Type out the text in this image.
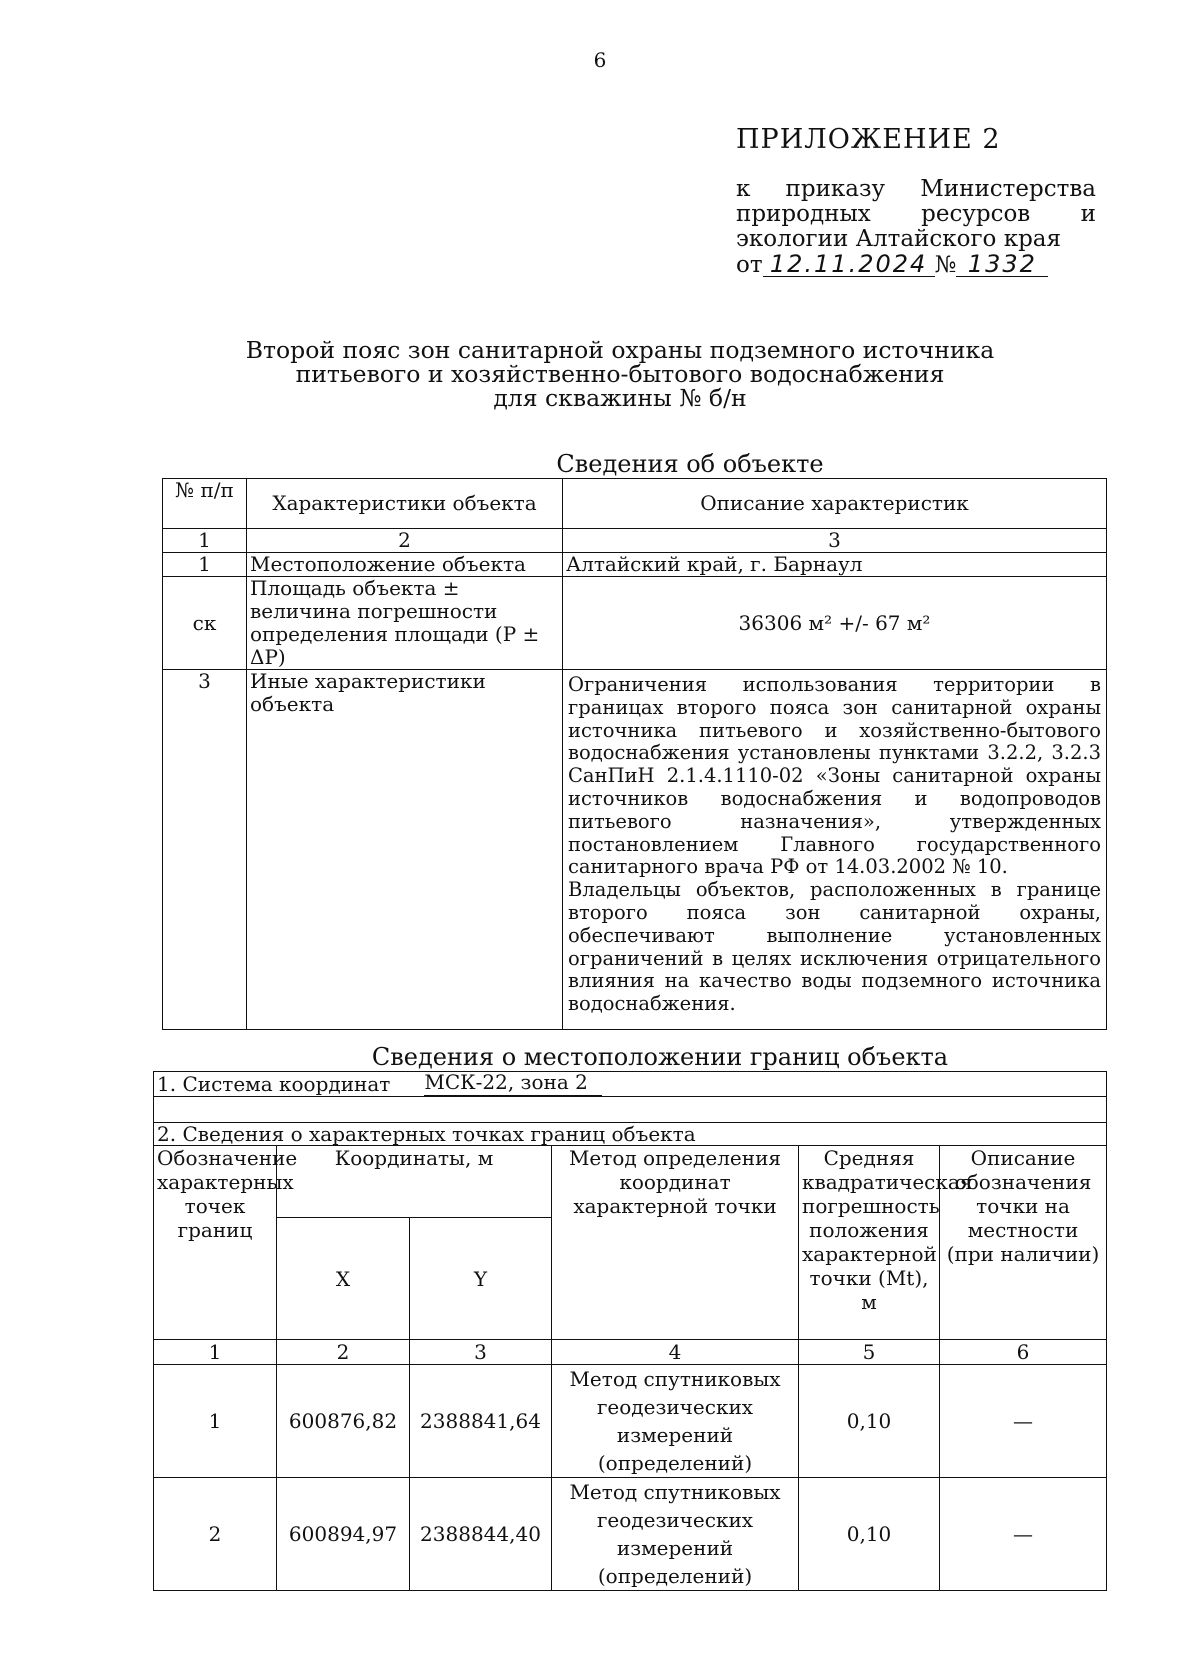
6
ПРИЛОЖЕНИЕ 2
к приказу Министерства
природных ресурсов и
экологии Алтайского края
от 12.11.2024 № 1332
Второй пояс зон санитарной охраны подземного источника
питьевого и хозяйственно-бытового водоснабжения
для скважины № б/н
Сведения об объекте
№ п/п	Характеристики объекта	Описание характеристик
1	2	3
1	Местоположение объекта	Алтайский край, г. Барнаул
ск	Площадь объекта ± величина погрешности определения площади (Р ± ΔР)	36306 м² +/- 67 м²
3	Иные характеристики объекта	Ограничения использования территории в границах второго пояса зон санитарной охраны источника питьевого и хозяйственно-бытового водоснабжения установлены пунктами 3.2.2, 3.2.3 СанПиН 2.1.4.1110-02 «Зоны санитарной охраны источников водоснабжения и водопроводов питьевого назначения», утвержденных постановлением Главного государственного санитарного врача РФ от 14.03.2002 № 10.

Владельцы объектов, расположенных в границе второго пояса зон санитарной охраны, обеспечивают выполнение установленных ограничений в целях исключения отрицательного влияния на качество воды подземного источника водоснабжения.

Сведения о местоположении границ объекта
1. Система координат МСК-22, зона 2					

2. Сведения о характерных точках границ объекта					
Обозначение характерных точек границ	Координаты, м		Метод определения координат характерной точки	Средняя квадратическая погрешность положения характерной точки (Mt), м	Описание обозначения точки на местности (при наличии)
	X	Y			
1	2	3	4	5	6
1	600876,82	2388841,64	Метод спутниковых геодезических измерений (определений)	0,10	—
2	600894,97	2388844,40	Метод спутниковых геодезических измерений (определений)	0,10	—
